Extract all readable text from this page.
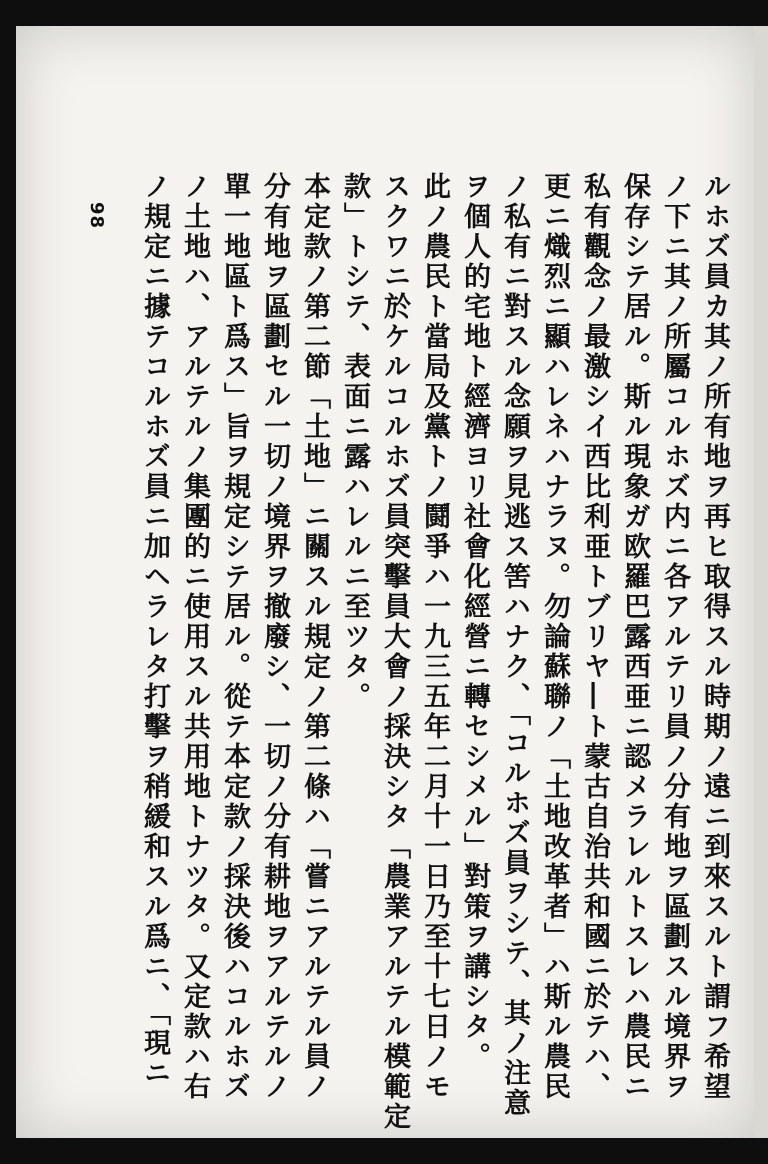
98	ルホズ員カ其ノ所有地ヲ再ヒ取得スル時期ノ遠ニ到來スルト謂フ希望
ノ下ニ其ノ所屬コルホズ内ニ各アルテリ員ノ分有地ヲ區劃スル境界ヲ
保存シテ居ル。斯ル現象ガ欧羅巴露西亜ニ認メラレルトスレハ農民ニ
私有觀念ノ最激シイ西比利亜トブリヤ―ト蒙古自治共和國ニ於テハ、
更ニ熾烈ニ顯ハレネハナラヌ。勿論蘇聯ノ「土地改革者」ハ斯ル農民
ノ私有ニ對スル念願ヲ見逃ス筈ハナク、「コルホズ員ヲシテ、其ノ注意
ヲ個人的宅地ト經濟ヨリ社會化經營ニ轉セシメル」對策ヲ講シタ。
此ノ農民ト當局及黨トノ鬪爭ハ一九三五年二月十一日乃至十七日ノモ
スクワニ於ケルコルホズ員突擊員大會ノ採決シタ「農業アルテル模範定
款」トシテ、表面ニ露ハレルニ至ツタ。
本定款ノ第二節「土地」ニ關スル規定ノ第二條ハ「嘗ニアルテル員ノ
分有地ヲ區劃セル一切ノ境界ヲ撤廢シ、一切ノ分有耕地ヲアルテルノ
單一地區ト爲ス」旨ヲ規定シテ居ル。從テ本定款ノ採決後ハコルホズ
ノ土地ハ、アルテルノ集團的ニ使用スル共用地トナツタ。又定款ハ右
ノ規定ニ據テコルホズ員ニ加ヘラレタ打擊ヲ稍緩和スル爲ニ、「現ニ
